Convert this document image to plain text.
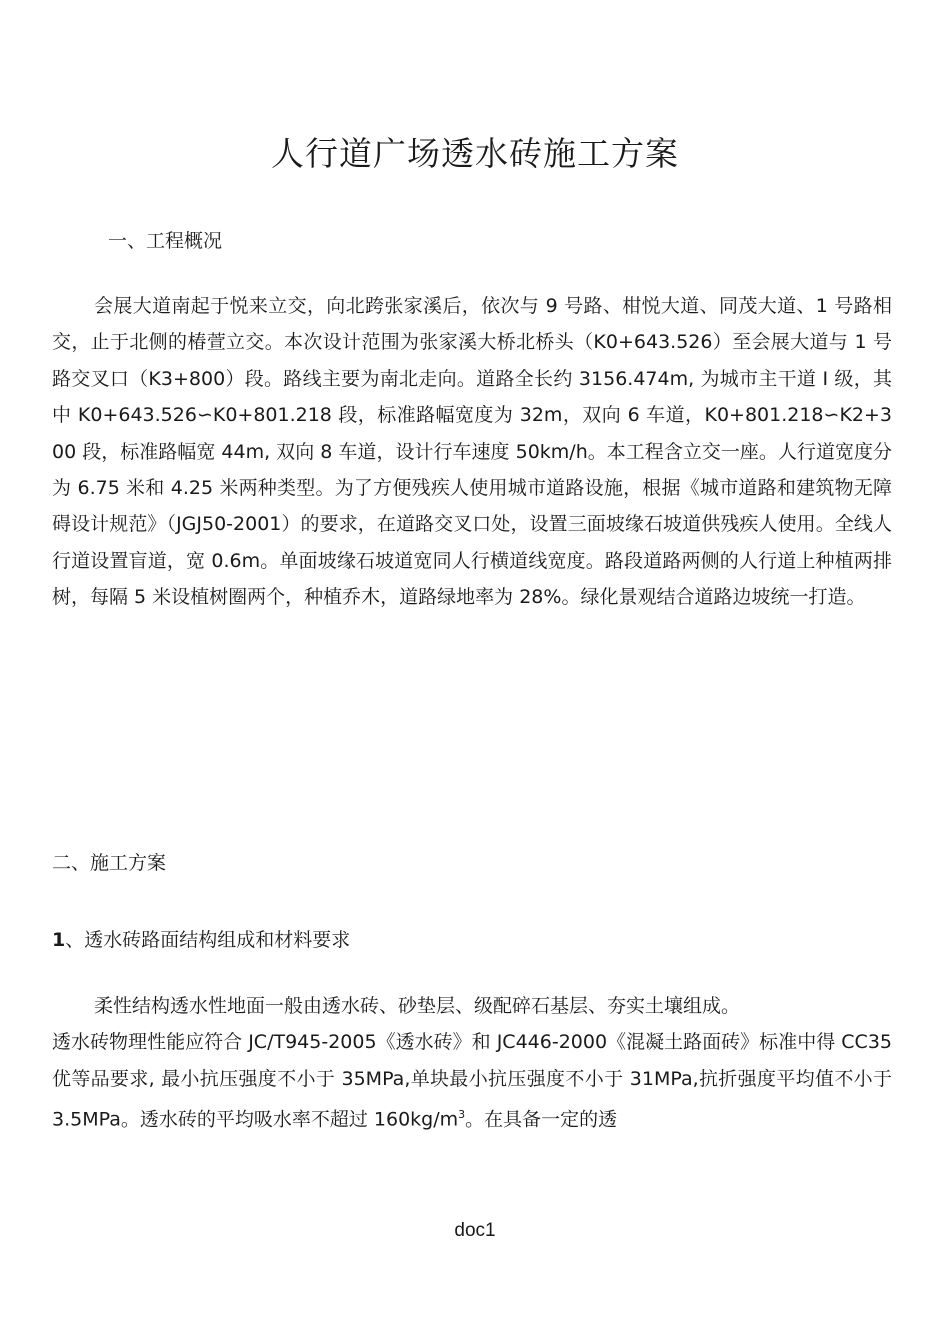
人行道广场透水砖施工方案
一、工程概况
会展大道南起于悦来立交，向北跨张家溪后，依次与 9 号路、柑悦大道、同茂大道、1 号路相交，止于北侧的椿萱立交。本次设计范围为张家溪大桥北桥头（K0+643.526）至会展大道与 1 号路交叉口（K3+800）段。路线主要为南北走向。道路全长约 3156.474m, 为城市主干道 I 级，其中 K0+643.526∽K0+801.218 段，标准路幅宽度为 32m，双向 6 车道，K0+801.218∽K2+300 段，标准路幅宽 44m, 双向 8 车道，设计行车速度 50km/h。本工程含立交一座。人行道宽度分为 6.75 米和 4.25 米两种类型。为了方便残疾人使用城市道路设施，根据《城市道路和建筑物无障碍设计规范》（JGJ50-2001）的要求，在道路交叉口处，设置三面坡缘石坡道供残疾人使用。全线人行道设置盲道，宽 0.6m。单面坡缘石坡道宽同人行横道线宽度。路段道路两侧的人行道上种植两排树，每隔 5 米设植树圈两个，种植乔木，道路绿地率为 28%。绿化景观结合道路边坡统一打造。
二、施工方案
1、透水砖路面结构组成和材料要求
柔性结构透水性地面一般由透水砖、砂垫层、级配碎石基层、夯实土壤组成。
透水砖物理性能应符合 JC/T945-2005《透水砖》和 JC446-2000《混凝土路面砖》标准中得 CC35 优等品要求, 最小抗压强度不小于 35MPa,单块最小抗压强度不小于 31MPa,抗折强度平均值不小于 3.5MPa。透水砖的平均吸水率不超过 $160kg/m^3$。在具备一定的透
doc1
